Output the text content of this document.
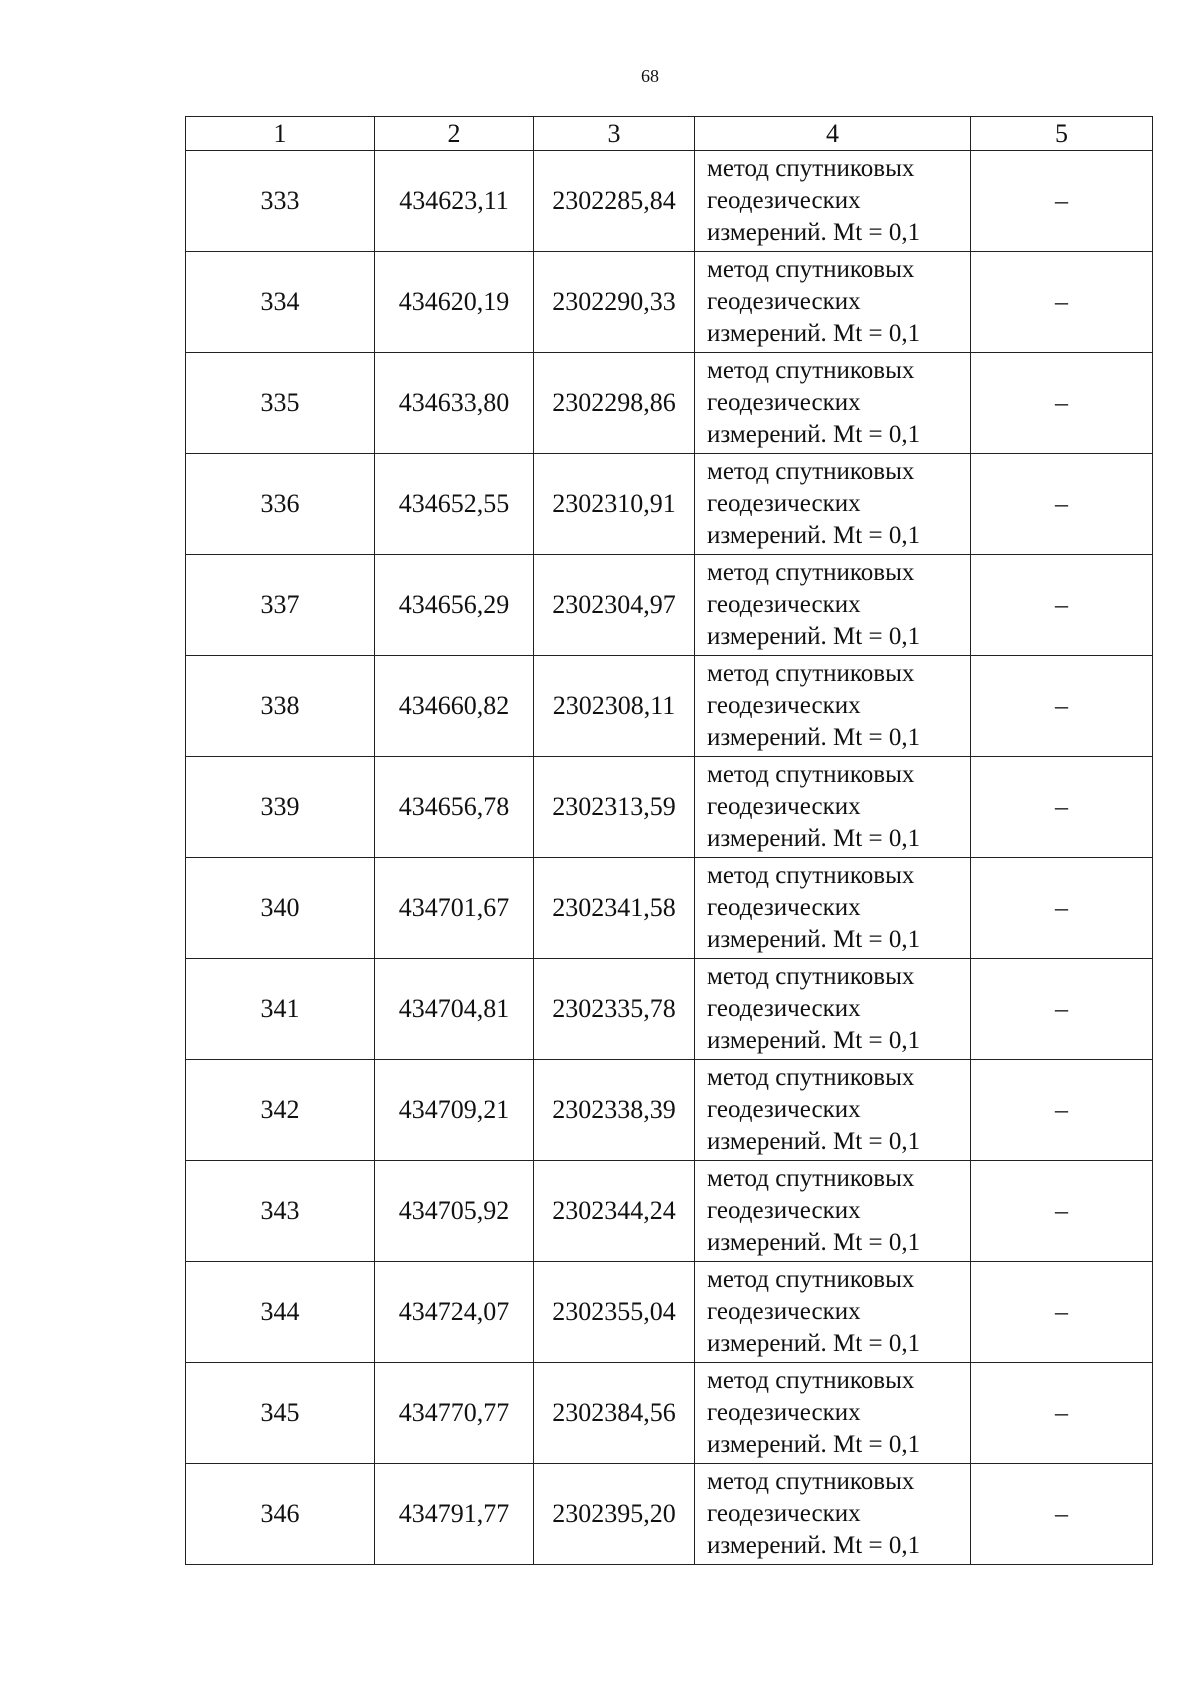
68
1	2	3	4	5
333	434623,11	2302285,84	метод спутниковых
геодезических
измерений. Mt = 0,1	–
334	434620,19	2302290,33	метод спутниковых
геодезических
измерений. Mt = 0,1	–
335	434633,80	2302298,86	метод спутниковых
геодезических
измерений. Mt = 0,1	–
336	434652,55	2302310,91	метод спутниковых
геодезических
измерений. Mt = 0,1	–
337	434656,29	2302304,97	метод спутниковых
геодезических
измерений. Mt = 0,1	–
338	434660,82	2302308,11	метод спутниковых
геодезических
измерений. Mt = 0,1	–
339	434656,78	2302313,59	метод спутниковых
геодезических
измерений. Mt = 0,1	–
340	434701,67	2302341,58	метод спутниковых
геодезических
измерений. Mt = 0,1	–
341	434704,81	2302335,78	метод спутниковых
геодезических
измерений. Mt = 0,1	–
342	434709,21	2302338,39	метод спутниковых
геодезических
измерений. Mt = 0,1	–
343	434705,92	2302344,24	метод спутниковых
геодезических
измерений. Mt = 0,1	–
344	434724,07	2302355,04	метод спутниковых
геодезических
измерений. Mt = 0,1	–
345	434770,77	2302384,56	метод спутниковых
геодезических
измерений. Mt = 0,1	–
346	434791,77	2302395,20	метод спутниковых
геодезических
измерений. Mt = 0,1	–
